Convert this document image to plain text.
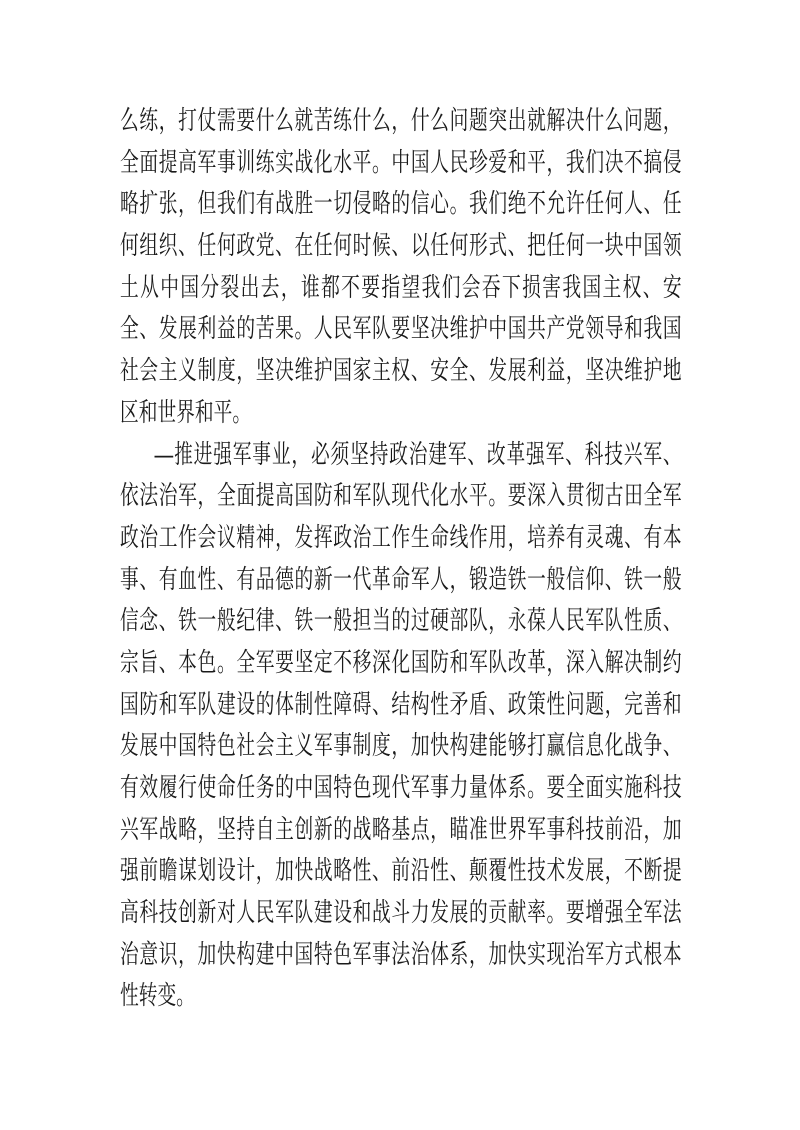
么练，打仗需要什么就苦练什么，什么问题突出就解决什么问题，
全面提高军事训练实战化水平。中国人民珍爱和平，我们决不搞侵
略扩张，但我们有战胜一切侵略的信心。我们绝不允许任何人、任
何组织、任何政党、在任何时候、以任何形式、把任何一块中国领
土从中国分裂出去，谁都不要指望我们会吞下损害我国主权、安
全、发展利益的苦果。人民军队要坚决维护中国共产党领导和我国
社会主义制度，坚决维护国家主权、安全、发展利益，坚决维护地
区和世界和平。
—推进强军事业，必须坚持政治建军、改革强军、科技兴军、
依法治军，全面提高国防和军队现代化水平。要深入贯彻古田全军
政治工作会议精神，发挥政治工作生命线作用，培养有灵魂、有本
事、有血性、有品德的新一代革命军人，锻造铁一般信仰、铁一般
信念、铁一般纪律、铁一般担当的过硬部队，永葆人民军队性质、
宗旨、本色。全军要坚定不移深化国防和军队改革，深入解决制约
国防和军队建设的体制性障碍、结构性矛盾、政策性问题，完善和
发展中国特色社会主义军事制度，加快构建能够打赢信息化战争、
有效履行使命任务的中国特色现代军事力量体系。要全面实施科技
兴军战略，坚持自主创新的战略基点，瞄准世界军事科技前沿，加
强前瞻谋划设计，加快战略性、前沿性、颠覆性技术发展，不断提
高科技创新对人民军队建设和战斗力发展的贡献率。要增强全军法
治意识，加快构建中国特色军事法治体系，加快实现治军方式根本
性转变。
